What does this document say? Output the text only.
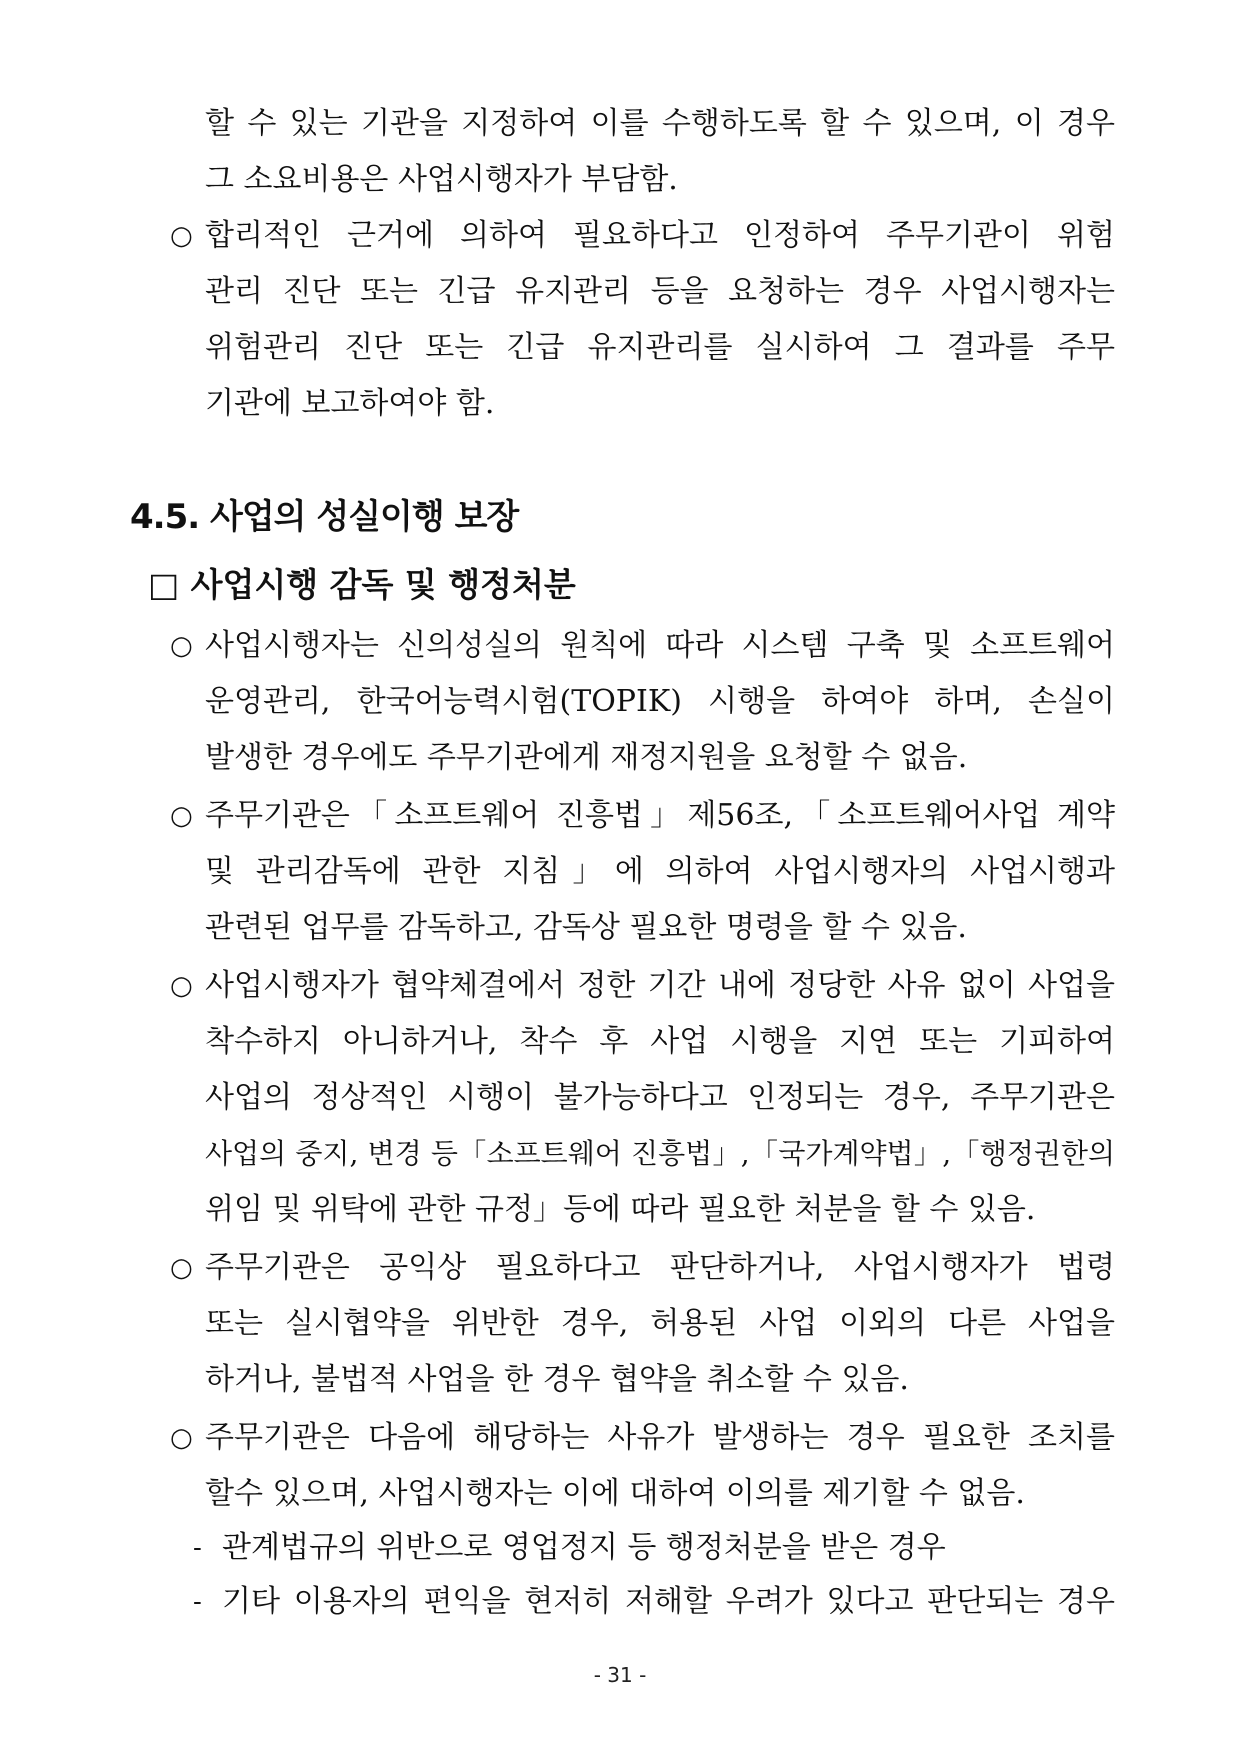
할 수 있는 기관을 지정하여 이를 수행하도록 할 수 있으며, 이 경우
그 소요비용은 사업시행자가 부담함.
○ 합리적인 근거에 의하여 필요하다고 인정하여 주무기관이 위험
관리 진단 또는 긴급 유지관리 등을 요청하는 경우 사업시행자는
위험관리 진단 또는 긴급 유지관리를 실시하여 그 결과를 주무
기관에 보고하여야 함.
4.5. 사업의 성실이행 보장
□ 사업시행 감독 및 행정처분
○ 사업시행자는 신의성실의 원칙에 따라 시스템 구축 및 소프트웨어
운영관리, 한국어능력시험(TOPIK) 시행을 하여야 하며, 손실이
발생한 경우에도 주무기관에게 재정지원을 요청할 수 없음.
○ 주무기관은「소프트웨어 진흥법」제56조,「소프트웨어사업 계약
및 관리감독에 관한 지침」에 의하여 사업시행자의 사업시행과
관련된 업무를 감독하고, 감독상 필요한 명령을 할 수 있음.
○ 사업시행자가 협약체결에서 정한 기간 내에 정당한 사유 없이 사업을
착수하지 아니하거나, 착수 후 사업 시행을 지연 또는 기피하여
사업의 정상적인 시행이 불가능하다고 인정되는 경우, 주무기관은
사업의 중지, 변경 등「소프트웨어 진흥법」,「국가계약법」,「행정권한의
위임 및 위탁에 관한 규정」등에 따라 필요한 처분을 할 수 있음.
○ 주무기관은 공익상 필요하다고 판단하거나, 사업시행자가 법령
또는 실시협약을 위반한 경우, 허용된 사업 이외의 다른 사업을
하거나, 불법적 사업을 한 경우 협약을 취소할 수 있음.
○ 주무기관은 다음에 해당하는 사유가 발생하는 경우 필요한 조치를
할수 있으며, 사업시행자는 이에 대하여 이의를 제기할 수 없음.
- 관계법규의 위반으로 영업정지 등 행정처분을 받은 경우
- 기타 이용자의 편익을 현저히 저해할 우려가 있다고 판단되는 경우
- 31 -
